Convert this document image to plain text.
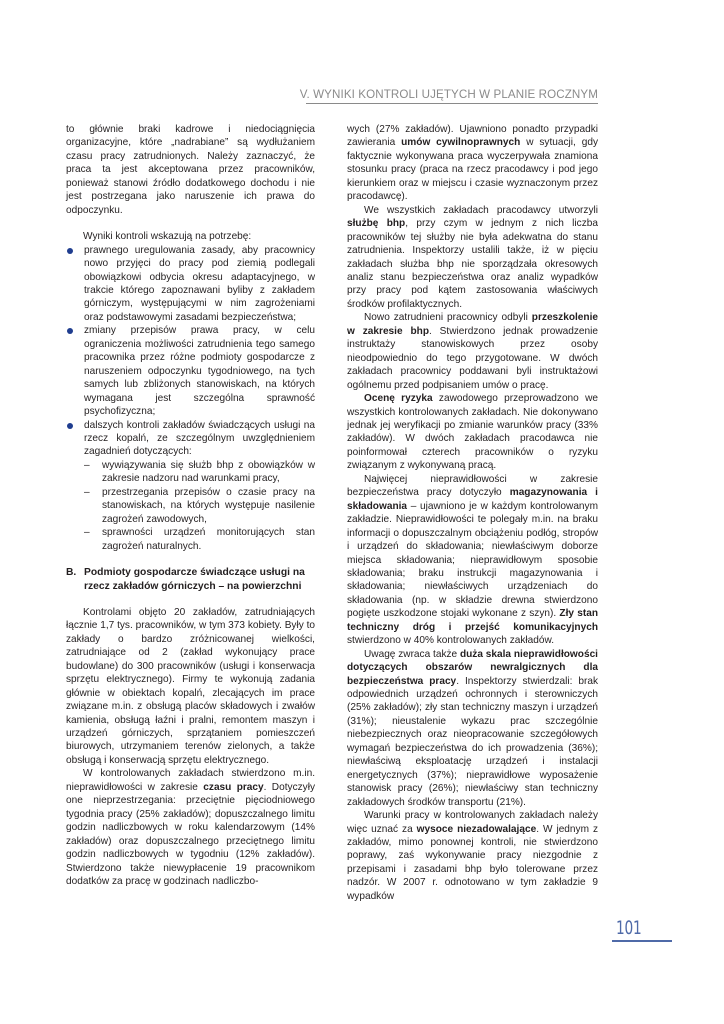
V. WYNIKI KONTROLI UJĘTYCH W PLANIE ROCZNYM

to głównie braki kadrowe i niedociągnięcia organizacyjne, które „nadrabiane” są wydłużaniem czasu pracy zatrudnionych. Należy zaznaczyć, że praca ta jest akceptowana przez pracowników, ponieważ stanowi źródło dodatkowego dochodu i nie jest postrzegana jako naruszenie ich prawa do odpoczynku.

Wyniki kontroli wskazują na potrzebę:

prawnego uregulowania zasady, aby pracownicy nowo przyjęci do pracy pod ziemią podlegali obowiązkowi odbycia okresu adaptacyjnego, w trakcie którego zapoznawani byliby z zakładem górniczym, występującymi w nim zagrożeniami oraz podstawowymi zasadami bezpieczeństwa;
zmiany przepisów prawa pracy, w celu ograniczenia możliwości zatrudnienia tego samego pracownika przez różne podmioty gospodarcze z naruszeniem odpoczynku tygodniowego, na tych samych lub zbliżonych stanowiskach, na których wymagana jest szczególna sprawność psychofizyczna;
dalszych kontroli zakładów świadczących usługi na rzecz kopalń, ze szczególnym uwzględnieniem zagadnień dotyczących:
– wywiązywania się służb bhp z obowiązków w zakresie nadzoru nad warunkami pracy,
– przestrzegania przepisów o czasie pracy na stanowiskach, na których występuje nasilenie zagrożeń zawodowych,
– sprawności urządzeń monitorujących stan zagrożeń naturalnych.
B. Podmioty gospodarcze świadczące usługi na rzecz zakładów górniczych – na powierzchni

Kontrolami objęto 20 zakładów, zatrudniających łącznie 1,7 tys. pracowników, w tym 373 kobiety. Były to zakłady o bardzo zróżnicowanej wielkości, zatrudniające od 2 (zakład wykonujący prace budowlane) do 300 pracowników (usługi i konserwacja sprzętu elektrycznego). Firmy te wykonują zadania głównie w obiektach kopalń, zlecających im prace związane m.in. z obsługą placów składowych i zwałów kamienia, obsługą łaźni i pralni, remontem maszyn i urządzeń górniczych, sprzątaniem pomieszczeń biurowych, utrzymaniem terenów zielonych, a także obsługą i konserwacją sprzętu elektrycznego.

W kontrolowanych zakładach stwierdzono m.in. nieprawidłowości w zakresie czasu pracy. Dotyczyły one nieprzestrzegania: przeciętnie pięciodniowego tygodnia pracy (25% zakładów); dopuszczalnego limitu godzin nadliczbowych w roku kalendarzowym (14% zakładów) oraz dopuszczalnego przeciętnego limitu godzin nadliczbowych w tygodniu (12% zakładów). Stwierdzono także niewypłacenie 19 pracownikom dodatków za pracę w godzinach nadliczbo-

wych (27% zakładów). Ujawniono ponadto przypadki zawierania umów cywilnoprawnych w sytuacji, gdy faktycznie wykonywana praca wyczerpywała znamiona stosunku pracy (praca na rzecz pracodawcy i pod jego kierunkiem oraz w miejscu i czasie wyznaczonym przez pracodawcę).

We wszystkich zakładach pracodawcy utworzyli służbę bhp, przy czym w jednym z nich liczba pracowników tej służby nie była adekwatna do stanu zatrudnienia. Inspektorzy ustalili także, iż w pięciu zakładach służba bhp nie sporządzała okresowych analiz stanu bezpieczeństwa oraz analiz wypadków przy pracy pod kątem zastosowania właściwych środków profilaktycznych.

Nowo zatrudnieni pracownicy odbyli przeszkolenie w zakresie bhp. Stwierdzono jednak prowadzenie instruktaży stanowiskowych przez osoby nieodpowiednio do tego przygotowane. W dwóch zakładach pracownicy poddawani byli instruktażowi ogólnemu przed podpisaniem umów o pracę.

Ocenę ryzyka zawodowego przeprowadzono we wszystkich kontrolowanych zakładach. Nie dokonywano jednak jej weryfikacji po zmianie warunków pracy (33% zakładów). W dwóch zakładach pracodawca nie poinformował czterech pracowników o ryzyku związanym z wykonywaną pracą.

Najwięcej nieprawidłowości w zakresie bezpieczeństwa pracy dotyczyło magazynowania i składowania – ujawniono je w każdym kontrolowanym zakładzie. Nieprawidłowości te polegały m.in. na braku informacji o dopuszczalnym obciążeniu podłóg, stropów i urządzeń do składowania; niewłaściwym doborze miejsca składowania; nieprawidłowym sposobie składowania; braku instrukcji magazynowania i składowania; niewłaściwych urządzeniach do składowania (np. w składzie drewna stwierdzono pogięte uszkodzone stojaki wykonane z szyn). Zły stan techniczny dróg i przejść komunikacyjnych stwierdzono w 40% kontrolowanych zakładów.

Uwagę zwraca także duża skala nieprawidłowości dotyczących obszarów newralgicznych dla bezpieczeństwa pracy. Inspektorzy stwierdzali: brak odpowiednich urządzeń ochronnych i sterowniczych (25% zakładów); zły stan techniczny maszyn i urządzeń (31%); nieustalenie wykazu prac szczególnie niebezpiecznych oraz nieopracowanie szczegółowych wymagań bezpieczeństwa do ich prowadzenia (36%); niewłaściwą eksploatację urządzeń i instalacji energetycznych (37%); nieprawidłowe wyposażenie stanowisk pracy (26%); niewłaściwy stan techniczny zakładowych środków transportu (21%).

Warunki pracy w kontrolowanych zakładach należy więc uznać za wysoce niezadowalające. W jednym z zakładów, mimo ponownej kontroli, nie stwierdzono poprawy, zaś wykonywanie pracy niezgodnie z przepisami i zasadami bhp było tolerowane przez nadzór. W 2007 r. odnotowano w tym zakładzie 9 wypadków

101
